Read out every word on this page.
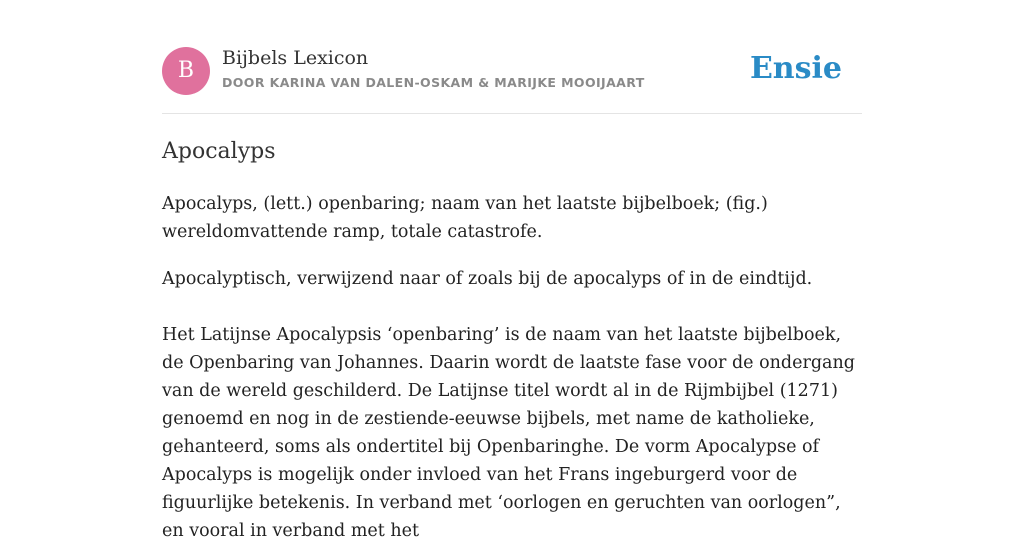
B	Bijbels Lexicon
DOOR KARINA VAN DALEN-OSKAM & MARIJKE MOOIJAART	Ensie
Apocalyps

Apocalyps, (lett.) openbaring; naam van het laatste bijbelboek; (fig.) wereldomvattende ramp, totale catastrofe.

Apocalyptisch, verwijzend naar of zoals bij de apocalyps of in de eindtijd.

Het Latijnse Apocalypsis ‘openbaring’ is de naam van het laatste bijbelboek, de Openbaring van Johannes. Daarin wordt de laatste fase voor de ondergang van de wereld geschilderd. De Latijnse titel wordt al in de Rijmbijbel (1271) genoemd en nog in de zestiende-eeuwse bijbels, met name de katholieke, gehanteerd, soms als ondertitel bij Openbaringhe. De vorm Apocalypse of Apocalyps is mogelijk onder invloed van het Frans ingeburgerd voor de figuurlijke betekenis. In verband met ‘oorlogen en geruchten van oorlogen”, en vooral in verband met het
